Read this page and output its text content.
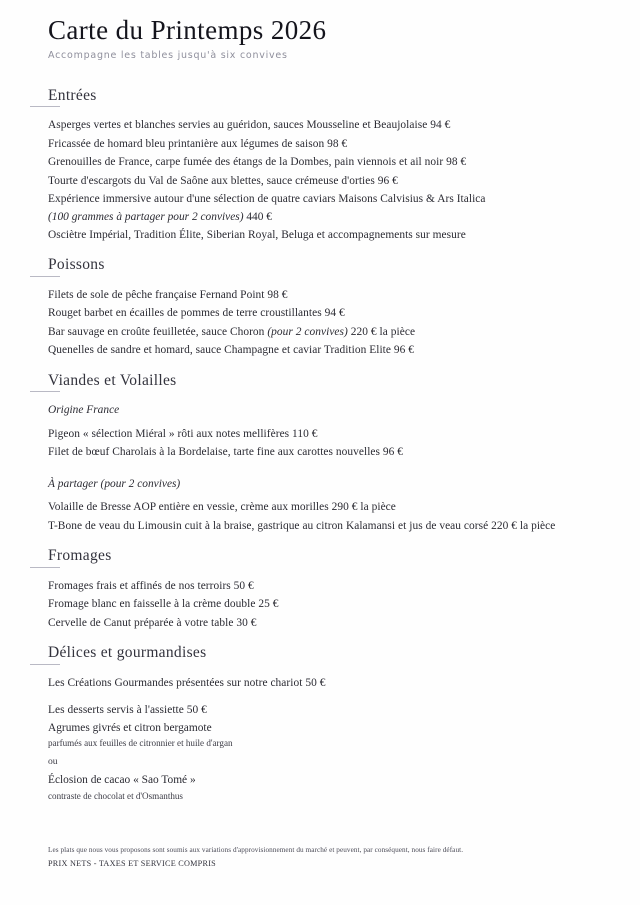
Carte du Printemps 2026

Accompagne les tables jusqu'à six convives

Entrées
Asperges vertes et blanches servies au guéridon, sauces Mousseline et Beaujolaise 94 €
Fricassée de homard bleu printanière aux légumes de saison 98 €
Grenouilles de France, carpe fumée des étangs de la Dombes, pain viennois et ail noir 98 €
Tourte d'escargots du Val de Saône aux blettes, sauce crémeuse d'orties 96 €
Expérience immersive autour d'une sélection de quatre caviars Maisons Calvisius & Ars Italica
(100 grammes à partager pour 2 convives) 440 €
Osciètre Impérial, Tradition Élite, Siberian Royal, Beluga et accompagnements sur mesure
Poissons
Filets de sole de pêche française Fernand Point 98 €
Rouget barbet en écailles de pommes de terre croustillantes 94 €
Bar sauvage en croûte feuilletée, sauce Choron (pour 2 convives) 220 € la pièce
Quenelles de sandre et homard, sauce Champagne et caviar Tradition Elite 96 €
Viandes et Volailles
Origine France
Pigeon « sélection Miéral » rôti aux notes mellifères 110 €
Filet de bœuf Charolais à la Bordelaise, tarte fine aux carottes nouvelles 96 €
À partager (pour 2 convives)
Volaille de Bresse AOP entière en vessie, crème aux morilles 290 € la pièce
T-Bone de veau du Limousin cuit à la braise, gastrique au citron Kalamansi et jus de veau corsé 220 € la pièce
Fromages
Fromages frais et affinés de nos terroirs 50 €
Fromage blanc en faisselle à la crème double 25 €
Cervelle de Canut préparée à votre table 30 €
Délices et gourmandises
Les Créations Gourmandes présentées sur notre chariot 50 €
Les desserts servis à l'assiette 50 €
Agrumes givrés et citron bergamote
parfumés aux feuilles de citronnier et huile d'argan
ou
Éclosion de cacao « Sao Tomé »
contraste de chocolat et d'Osmanthus
Les plats que nous vous proposons sont soumis aux variations d'approvisionnement du marché et peuvent, par conséquent, nous faire défaut.
PRIX NETS - TAXES ET SERVICE COMPRIS
